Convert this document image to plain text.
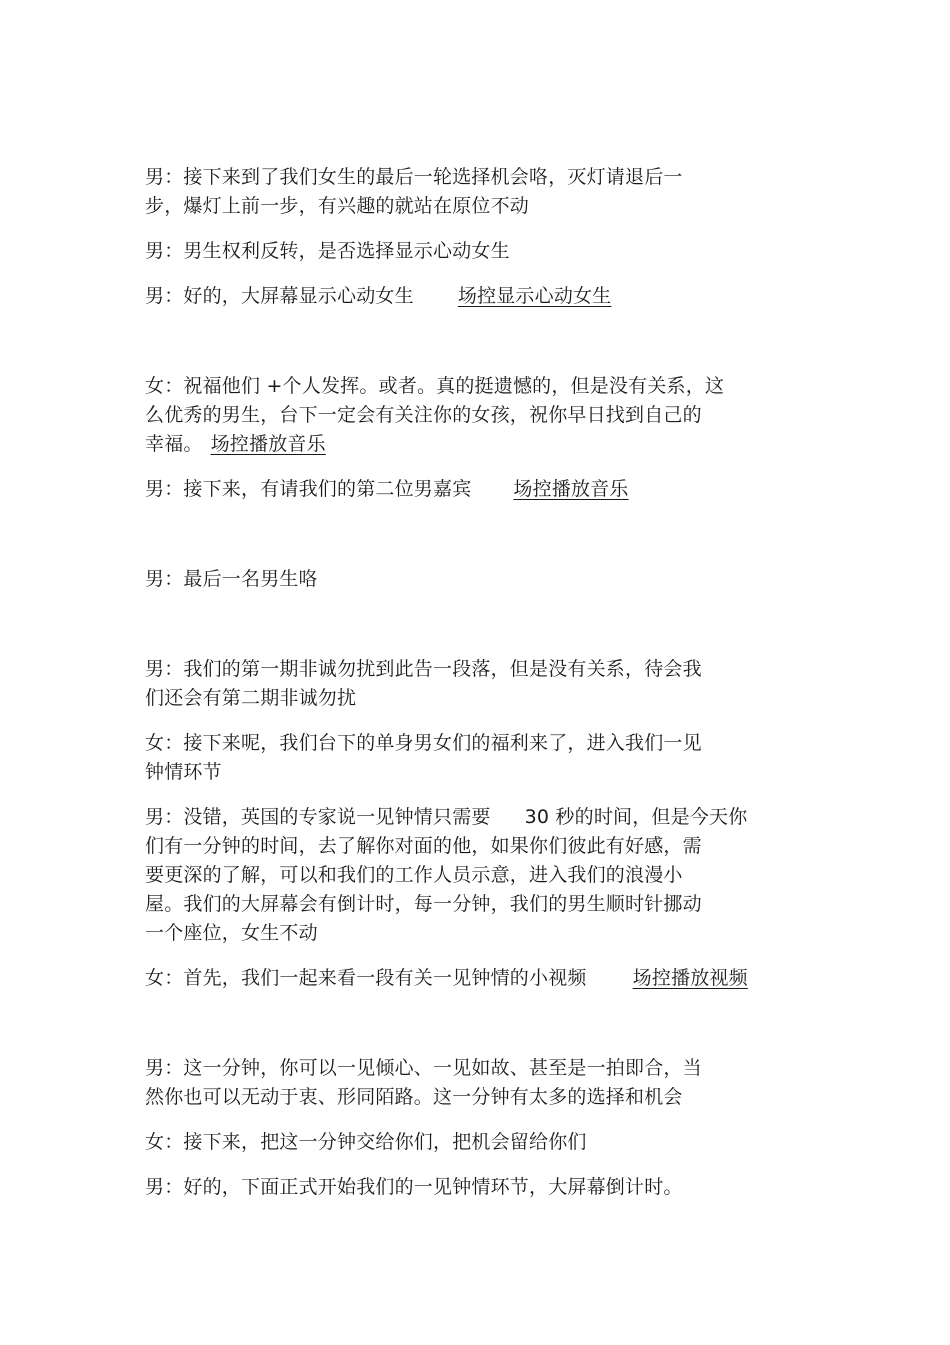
男：接下来到了我们女生的最后一轮选择机会咯，灭灯请退后一
步，爆灯上前一步，有兴趣的就站在原位不动
男：男生权利反转，是否选择显示心动女生
男：好的，大屏幕显示心动女生 场控显示心动女生
女：祝福他们 +个人发挥。或者。真的挺遗憾的，但是没有关系，这
么优秀的男生，台下一定会有关注你的女孩，祝你早日找到自己的
幸福。 场控播放音乐
男：接下来，有请我们的第二位男嘉宾 场控播放音乐
男：最后一名男生咯
男：我们的第一期非诚勿扰到此告一段落，但是没有关系，待会我
们还会有第二期非诚勿扰
女：接下来呢，我们台下的单身男女们的福利来了，进入我们一见
钟情环节
男：没错，英国的专家说一见钟情只需要 30 秒的时间，但是今天你
们有一分钟的时间，去了解你对面的他，如果你们彼此有好感，需
要更深的了解，可以和我们的工作人员示意，进入我们的浪漫小
屋。我们的大屏幕会有倒计时，每一分钟，我们的男生顺时针挪动
一个座位，女生不动
女：首先，我们一起来看一段有关一见钟情的小视频 场控播放视频
男：这一分钟，你可以一见倾心、一见如故、甚至是一拍即合，当
然你也可以无动于衷、形同陌路。这一分钟有太多的选择和机会
女：接下来，把这一分钟交给你们，把机会留给你们
男：好的，下面正式开始我们的一见钟情环节，大屏幕倒计时。
